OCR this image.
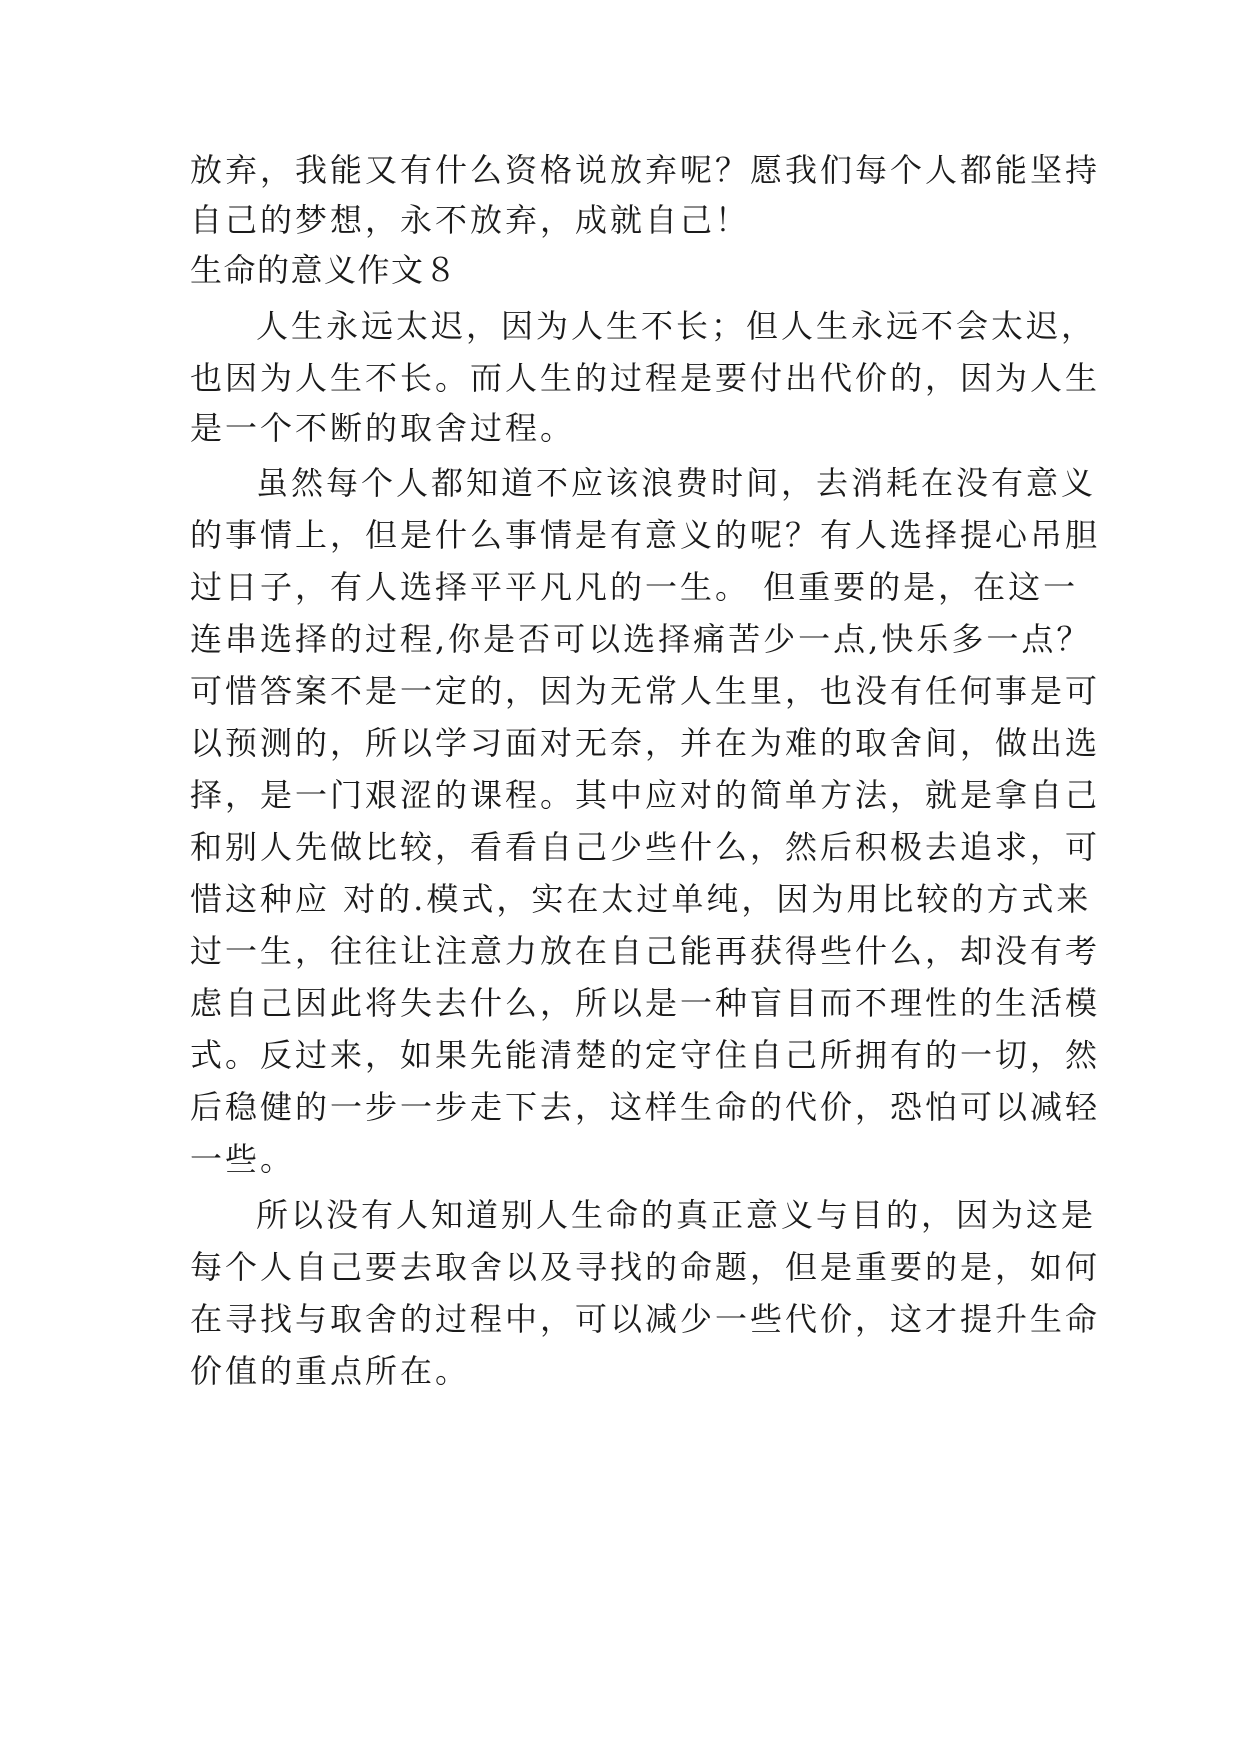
放弃，我能又有什么资格说放弃呢？愿我们每个人都能坚持
自己的梦想，永不放弃，成就自己！
生命的意义作文８
人生永远太迟，因为人生不长；但人生永远不会太迟，
也因为人生不长。而人生的过程是要付出代价的，因为人生
是一个不断的取舍过程。
虽然每个人都知道不应该浪费时间，去消耗在没有意义
的事情上，但是什么事情是有意义的呢？有人选择提心吊胆
过日子，有人选择平平凡凡的一生。 但重要的是，在这一
连串选择的过程,你是否可以选择痛苦少一点,快乐多一点？
可惜答案不是一定的，因为无常人生里，也没有任何事是可
以预测的，所以学习面对无奈，并在为难的取舍间，做出选
择，是一门艰涩的课程。其中应对的简单方法，就是拿自己
和别人先做比较，看看自己少些什么，然后积极去追求，可
惜这种应 对的.模式，实在太过单纯，因为用比较的方式来
过一生，往往让注意力放在自己能再获得些什么，却没有考
虑自己因此将失去什么，所以是一种盲目而不理性的生活模
式。反过来，如果先能清楚的定守住自己所拥有的一切，然
后稳健的一步一步走下去，这样生命的代价，恐怕可以减轻
一些。
所以没有人知道别人生命的真正意义与目的，因为这是
每个人自己要去取舍以及寻找的命题，但是重要的是，如何
在寻找与取舍的过程中，可以减少一些代价，这才提升生命
价值的重点所在。
